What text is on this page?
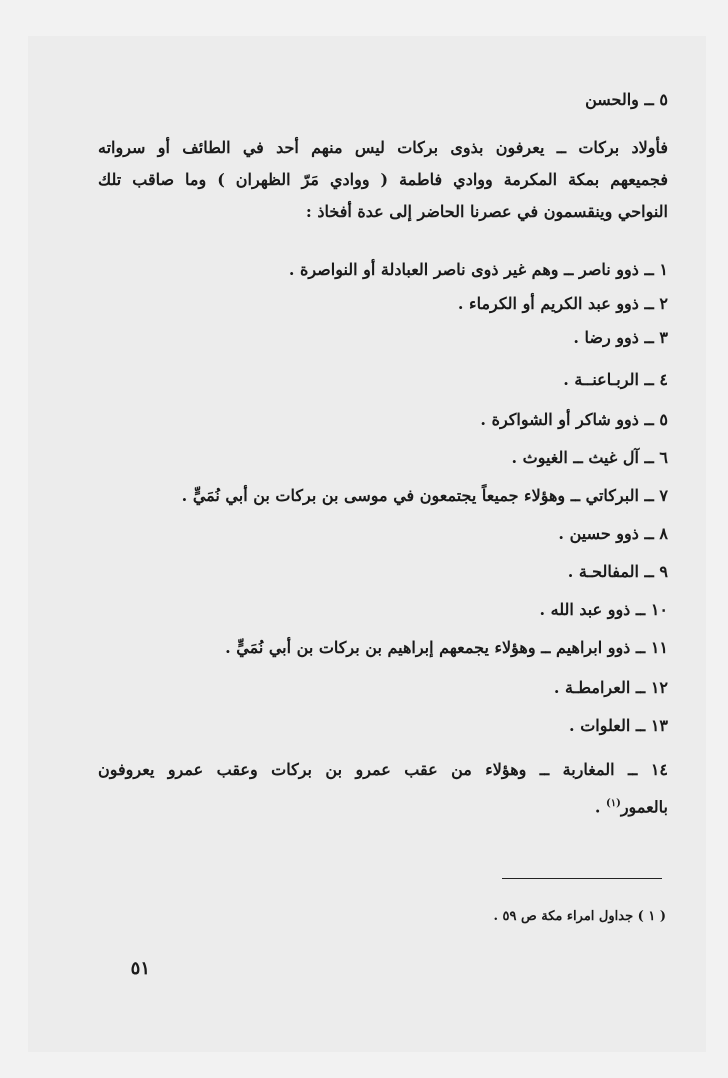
٥ ــ والحسن
فأولاد بركات ــ يعرفون بذوى بركات ليس منهم أحد في الطائف أو سرواته
فجميعهم بمكة المكرمة ووادي فاطمة ( ووادي مَرّ الظهران ) وما صاقب تلك
النواحي وينقسمون في عصرنا الحاضر إلى عدة أفخاذ :
١ ــ ذوو ناصر ــ وهم غير ذوى ناصر العبادلة أو النواصرة .
٢ ــ ذوو عبد الكريم أو الكرماء .
٣ ــ ذوو رضا .
٤ ــ الربـاعنــة .
٥ ــ ذوو شاكر أو الشواكرة .
٦ ــ آل غيث ــ الغيوث .
٧ ــ البركاتي ــ وهؤلاء جميعاً يجتمعون في موسى بن بركات بن أبي نُمَيٍّ .
٨ ــ ذوو حسين .
٩ ــ المفالحـة .
١٠ ــ ذوو عبد الله .
١١ ــ ذوو ابراهيم ــ وهؤلاء يجمعهم إبراهيم بن بركات بن أبي نُمَيٍّ .
١٢ ــ العرامطـة .
١٣ ــ العلوات .
١٤ ــ المغاربة ــ وهؤلاء من عقب عمرو بن بركات وعقب عمرو يعروفون
بالعمور$^{(١)}$ .
( ١ ) جداول امراء مكة ص ٥٩ .
٥١
